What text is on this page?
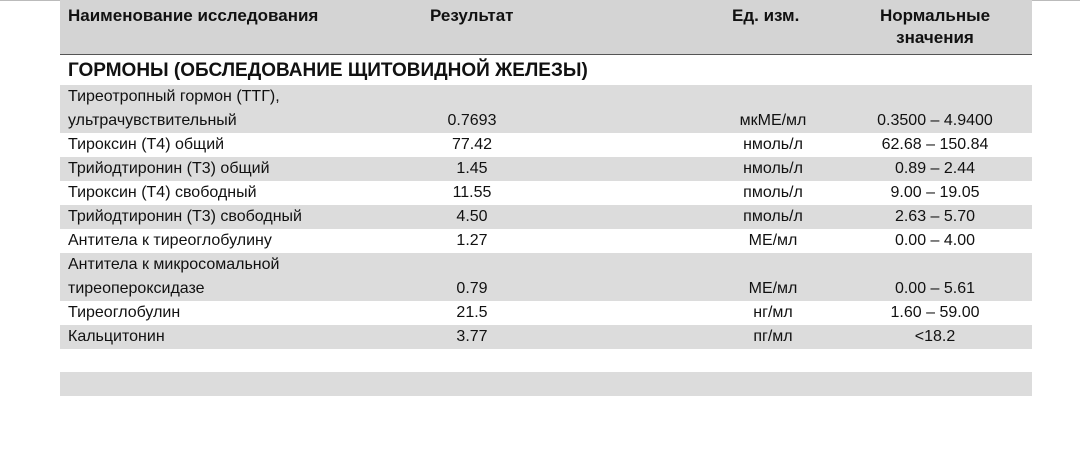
Наименование исследования	Результат	Ед. изм.	Нормальные
значения
ГОРМОНЫ (ОБСЛЕДОВАНИЕ ЩИТОВИДНОЙ ЖЕЛЕЗЫ)
Тиреотропный гормон (ТТГ),
ультрачувствительный	0.7693	мкМЕ/мл	0.3500 – 4.9400
Тироксин (Т4) общий	77.42	нмоль/л	62.68 – 150.84
Трийодтиронин (Т3) общий	1.45	нмоль/л	0.89 – 2.44
Тироксин (Т4) свободный	11.55	пмоль/л	9.00 – 19.05
Трийодтиронин (Т3) свободный	4.50	пмоль/л	2.63 – 5.70
Антитела к тиреоглобулину	1.27	МЕ/мл	0.00 – 4.00
Антитела к микросомальной
тиреопероксидазе	0.79	МЕ/мл	0.00 – 5.61
Тиреоглобулин	21.5	нг/мл	1.60 – 59.00
Кальцитонин	3.77	пг/мл	<18.2
